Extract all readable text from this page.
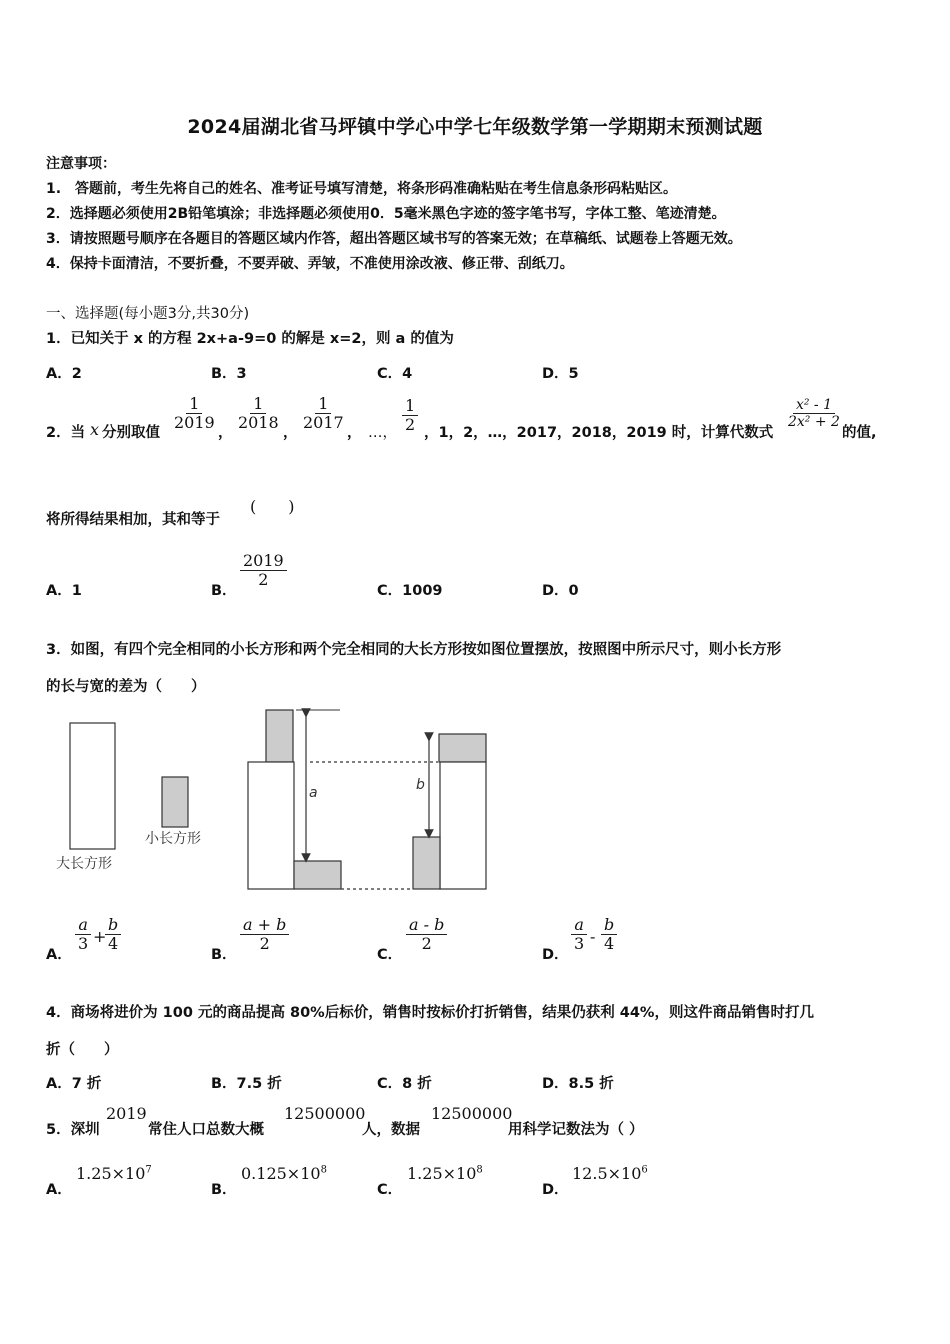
2024届湖北省马坪镇中学心中学七年级数学第一学期期末预测试题
注意事项：
1.　答题前，考生先将自己的姓名、准考证号填写清楚，将条形码准确粘贴在考生信息条形码粘贴区。
2．选择题必须使用2B铅笔填涂；非选择题必须使用0．5毫米黑色字迹的签字笔书写，字体工整、笔迹清楚。
3．请按照题号顺序在各题目的答题区域内作答，超出答题区域书写的答案无效；在草稿纸、试题卷上答题无效。
4．保持卡面清洁，不要折叠，不要弄破、弄皱，不准使用涂改液、修正带、刮纸刀。
一、选择题(每小题3分,共30分)
1．已知关于 x 的方程 2x+a-9=0 的解是 x=2，则 a 的值为
A．2	B．3	C．4	D．5
2．当 x 分别取值
$\frac{1}{2019}$
，
$\frac{1}{2018}$
，
$\frac{1}{2017}$
， …， $\frac{1}{2}$ ，1，2，…，2017，2018，2019 时，计算代数式
$\frac{\text{x² - 1}}{\text{2x² + 2}}$
的值,
将所得结果相加，其和等于
(　　)
A．1	B．
$\frac{2019}{2}$
C．1009	D．0
3．如图，有四个完全相同的小长方形和两个完全相同的大长方形按如图位置摆放，按照图中所示尺寸，则小长方形
的长与宽的差为（　　）
大长方形
小长方形
a	b
A．
$\frac{a}{3}$ +
$\frac{b}{4}$
B．
$\frac{a + b}{2}$
C．
$\frac{a - b}{2}$
D．
$\frac{a}{3} - \frac{b}{4}$
4．商场将进价为 100 元的商品提高 80%后标价，销售时按标价打折销售，结果仍获利 44%，则这件商品销售时打几
折（　　）
A．7 折	B．7.5 折	C．8 折	D．8.5 折
5．深圳
2019
常住人口总数大概
12500000
人，数据
12500000
用科学记数法为（ ）
A．
$1.25\times 10^7$
B．
$0.125\times 10^8$
C．
$1.25\times 10^8$
D．
$12.5\times 10^6$
